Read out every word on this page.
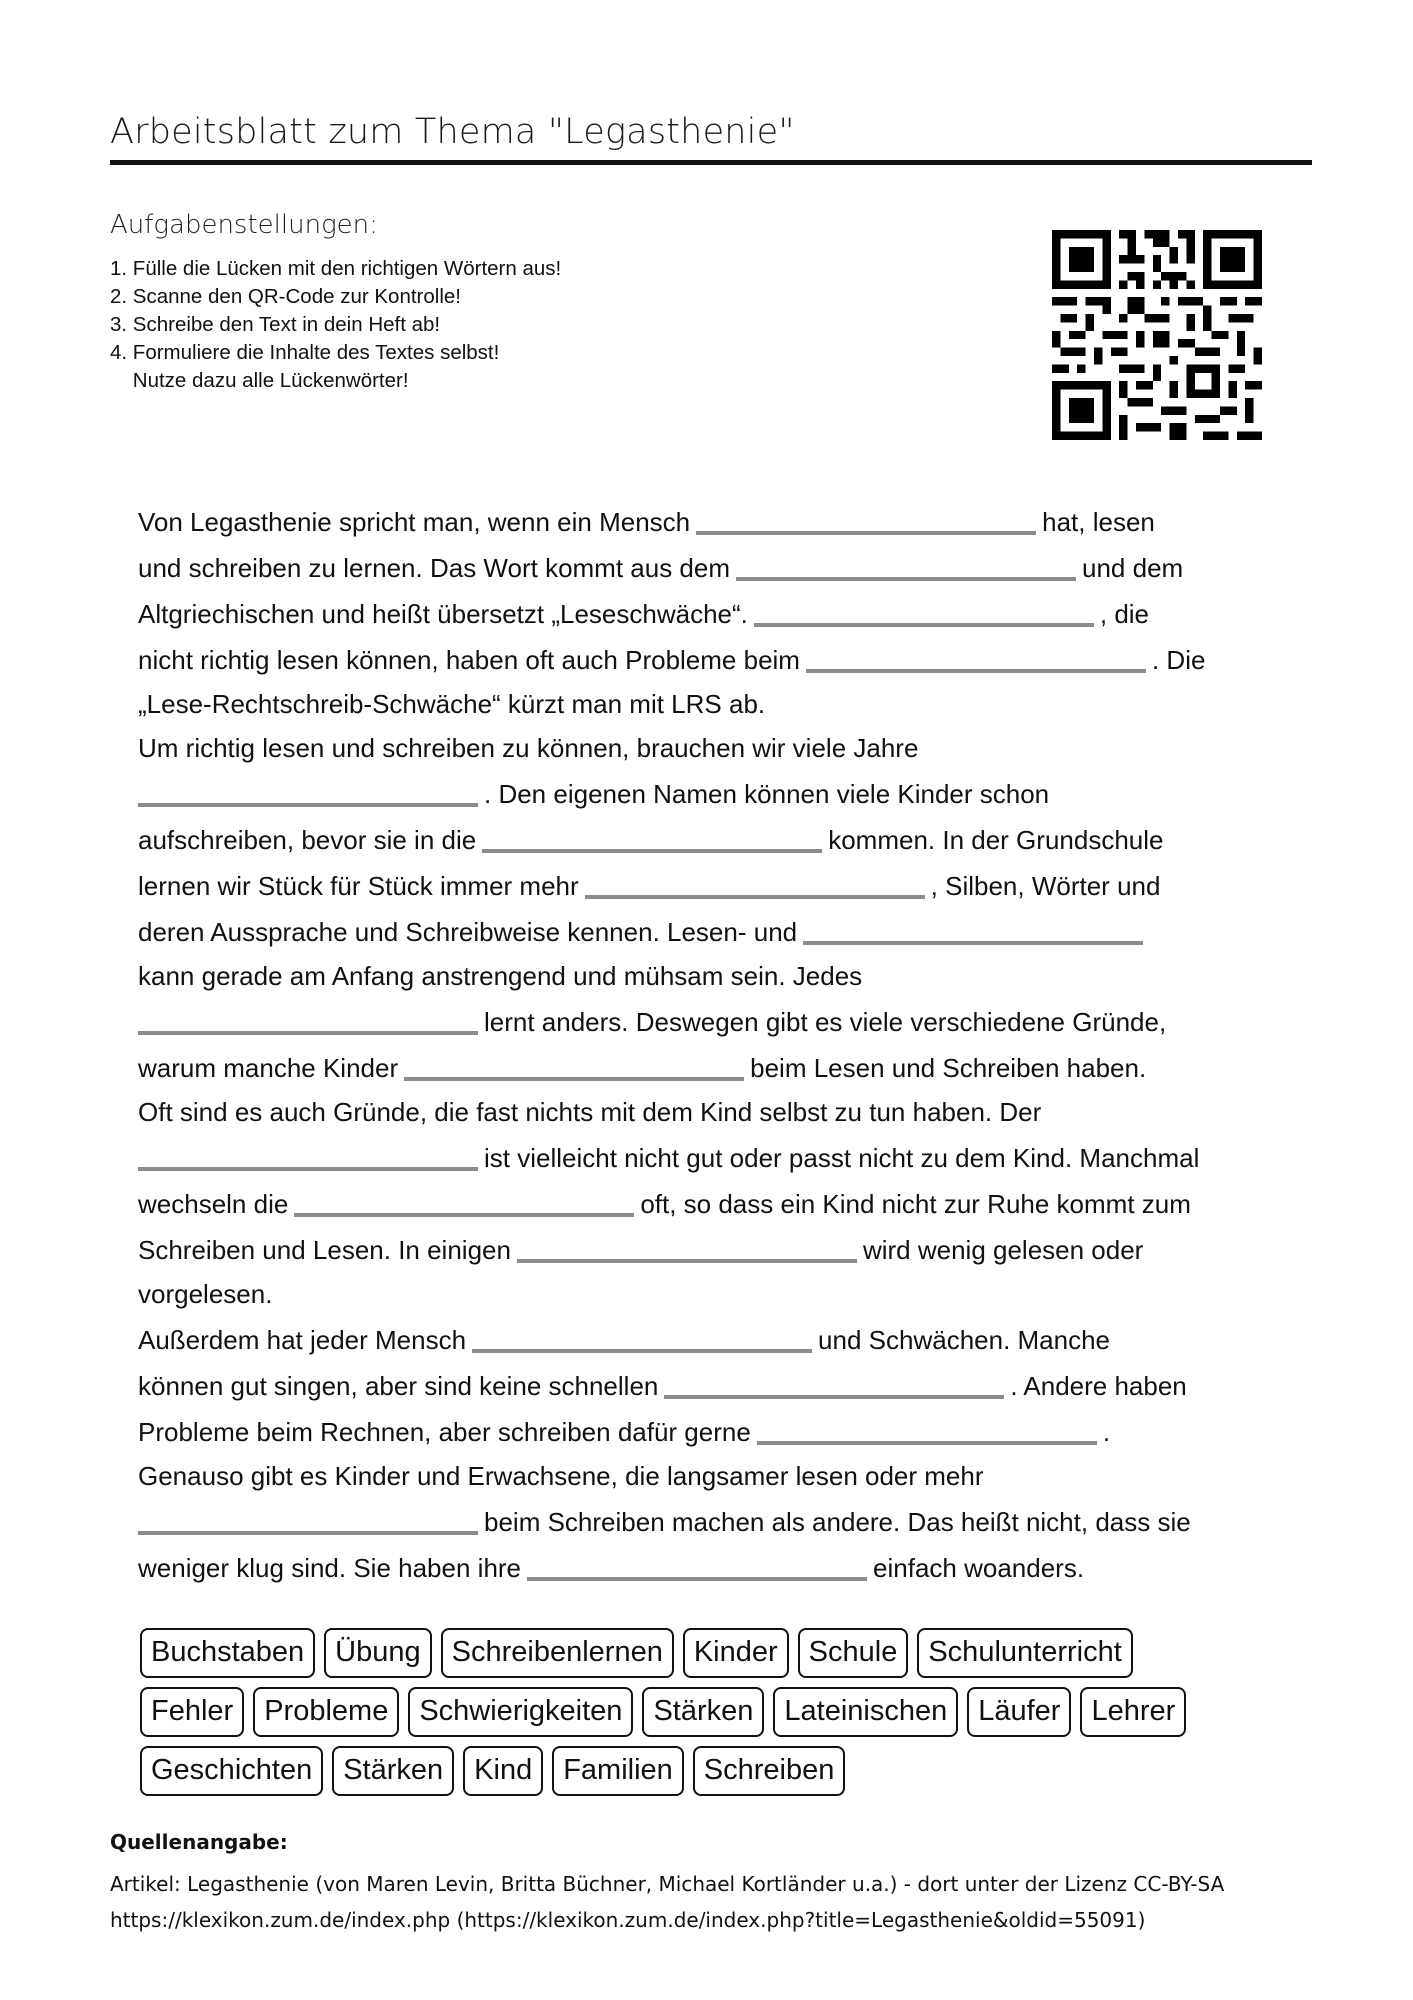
Arbeitsblatt zum Thema "Legasthenie"
Aufgabenstellungen:
1. Fülle die Lücken mit den richtigen Wörtern aus!
2. Scanne den QR-Code zur Kontrolle!
3. Schreibe den Text in dein Heft ab!
4. Formuliere die Inhalte des Textes selbst!
Nutze dazu alle Lückenwörter!
Von Legasthenie spricht man, wenn ein Mensch	hat, lesen
und schreiben zu lernen. Das Wort kommt aus dem	und dem
Altgriechischen und heißt übersetzt „Leseschwäche“.	, die
nicht richtig lesen können, haben oft auch Probleme beim	. Die
„Lese-Rechtschreib-Schwäche“ kürzt man mit LRS ab.
Um richtig lesen und schreiben zu können, brauchen wir viele Jahre
. Den eigenen Namen können viele Kinder schon
aufschreiben, bevor sie in die	kommen. In der Grundschule
lernen wir Stück für Stück immer mehr	, Silben, Wörter und
deren Aussprache und Schreibweise kennen. Lesen- und
kann gerade am Anfang anstrengend und mühsam sein. Jedes
lernt anders. Deswegen gibt es viele verschiedene Gründe,
warum manche Kinder	beim Lesen und Schreiben haben.
Oft sind es auch Gründe, die fast nichts mit dem Kind selbst zu tun haben. Der
ist vielleicht nicht gut oder passt nicht zu dem Kind. Manchmal
wechseln die	oft, so dass ein Kind nicht zur Ruhe kommt zum
Schreiben und Lesen. In einigen	wird wenig gelesen oder
vorgelesen.
Außerdem hat jeder Mensch	und Schwächen. Manche
können gut singen, aber sind keine schnellen	. Andere haben
Probleme beim Rechnen, aber schreiben dafür gerne	.
Genauso gibt es Kinder und Erwachsene, die langsamer lesen oder mehr
beim Schreiben machen als andere. Das heißt nicht, dass sie
weniger klug sind. Sie haben ihre	einfach woanders.
Buchstaben	Übung	Schreibenlernen	Kinder	Schule	Schulunterricht
Fehler	Probleme	Schwierigkeiten	Stärken	Lateinischen	Läufer	Lehrer
Geschichten	Stärken	Kind	Familien	Schreiben
Quellenangabe:
Artikel: Legasthenie (von Maren Levin, Britta Büchner, Michael Kortländer u.a.) - dort unter der Lizenz CC-BY-SA
https://klexikon.zum.de/index.php (https://klexikon.zum.de/index.php?title=Legasthenie&oldid=55091)
